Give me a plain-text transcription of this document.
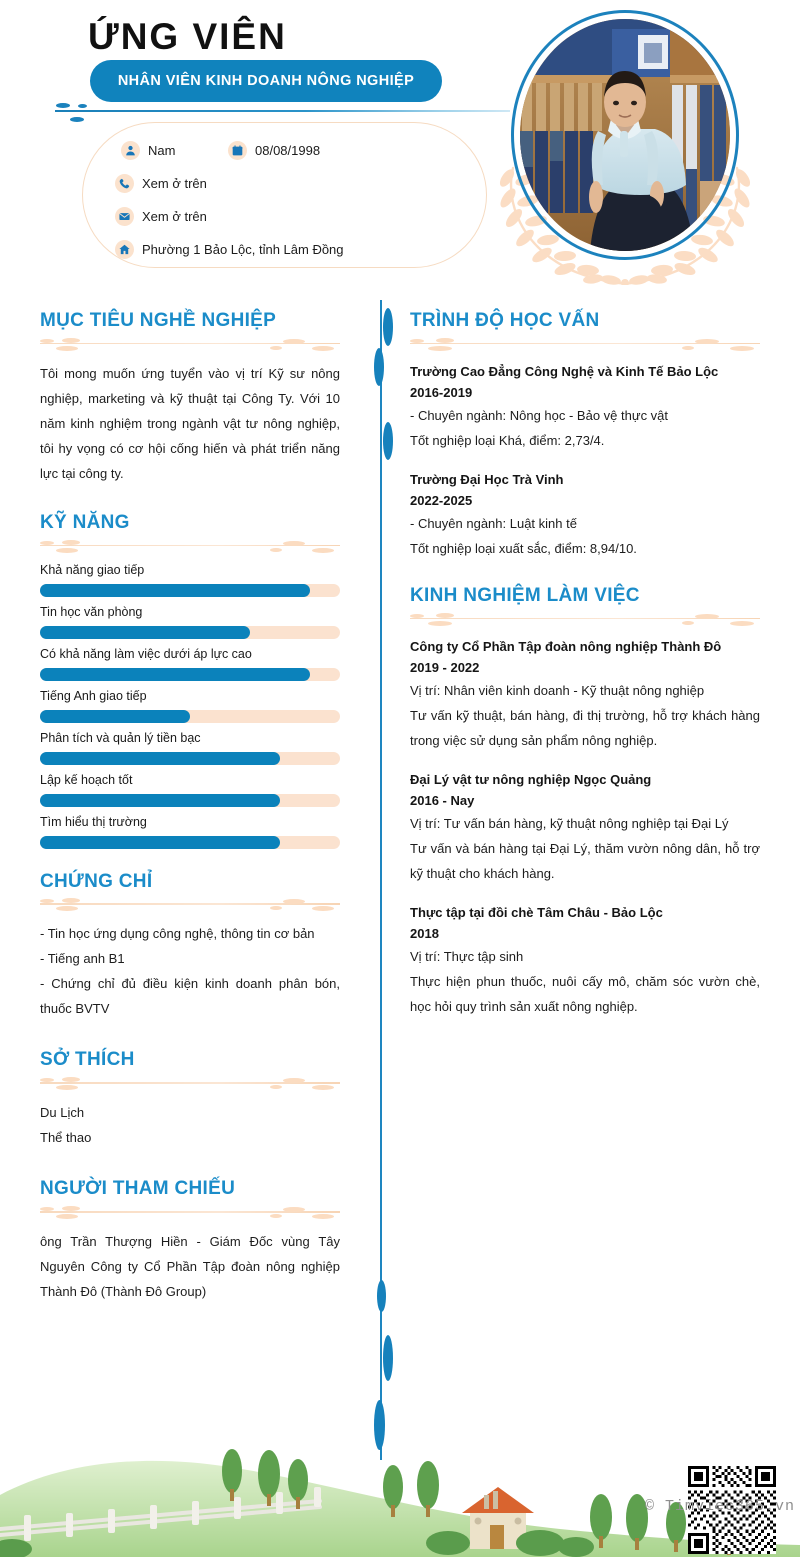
ỨNG VIÊN
NHÂN VIÊN KINH DOANH NÔNG NGHIỆP
Nam	08/08/1998
Xem ở trên
Xem ở trên
Phường 1 Bảo Lộc, tỉnh Lâm Đồng
MỤC TIÊU NGHỀ NGHIỆP

Tôi mong muốn ứng tuyển vào vị trí Kỹ sư nông nghiệp, marketing và kỹ thuật tại Công Ty. Với 10 năm kinh nghiệm trong ngành vật tư nông nghiệp, tôi hy vọng có cơ hội cống hiến và phát triển năng lực tại công ty.

KỸ NĂNG
Khả năng giao tiếp
Tin học văn phòng
Có khả năng làm việc dưới áp lực cao
Tiếng Anh giao tiếp
Phân tích và quản lý tiền bạc
Lập kế hoạch tốt
Tìm hiểu thị trường
CHỨNG CHỈ

- Tin học ứng dụng công nghệ, thông tin cơ bản

- Tiếng anh B1

- Chứng chỉ đủ điều kiện kinh doanh phân bón, thuốc BVTV

SỞ THÍCH

Du Lịch

Thể thao

NGƯỜI THAM CHIẾU

ông Trần Thượng Hiền - Giám Đốc vùng Tây Nguyên Công ty Cổ Phần Tập đoàn nông nghiệp Thành Đô (Thành Đô Group)

TRÌNH ĐỘ HỌC VẤN
Trường Cao Đẳng Công Nghệ và Kinh Tế Bảo Lộc
2016-2019
- Chuyên ngành: Nông học - Bảo vệ thực vật
Tốt nghiệp loại Khá, điểm: 2,73/4.
Trường Đại Học Trà Vinh
2022-2025
- Chuyên ngành: Luật kinh tế
Tốt nghiệp loại xuất sắc, điểm: 8,94/10.
KINH NGHIỆM LÀM VIỆC
Công ty Cổ Phần Tập đoàn nông nghiệp Thành Đô
2019 - 2022
Vị trí: Nhân viên kinh doanh - Kỹ thuật nông nghiệp
Tư vấn kỹ thuật, bán hàng, đi thị trường, hỗ trợ khách hàng trong việc sử dụng sản phẩm nông nghiệp.
Đại Lý vật tư nông nghiệp Ngọc Quảng
2016 - Nay
Vị trí: Tư vấn bán hàng, kỹ thuật nông nghiệp tại Đại Lý
Tư vấn và bán hàng tại Đại Lý, thăm vườn nông dân, hỗ trợ kỹ thuật cho khách hàng.
Thực tập tại đồi chè Tâm Châu - Bảo Lộc
2018
Vị trí: Thực tập sinh
Thực hiện phun thuốc, nuôi cấy mô, chăm sóc vườn chè, học hỏi quy trình sản xuất nông nghiệp.
© Timviec365.vn
